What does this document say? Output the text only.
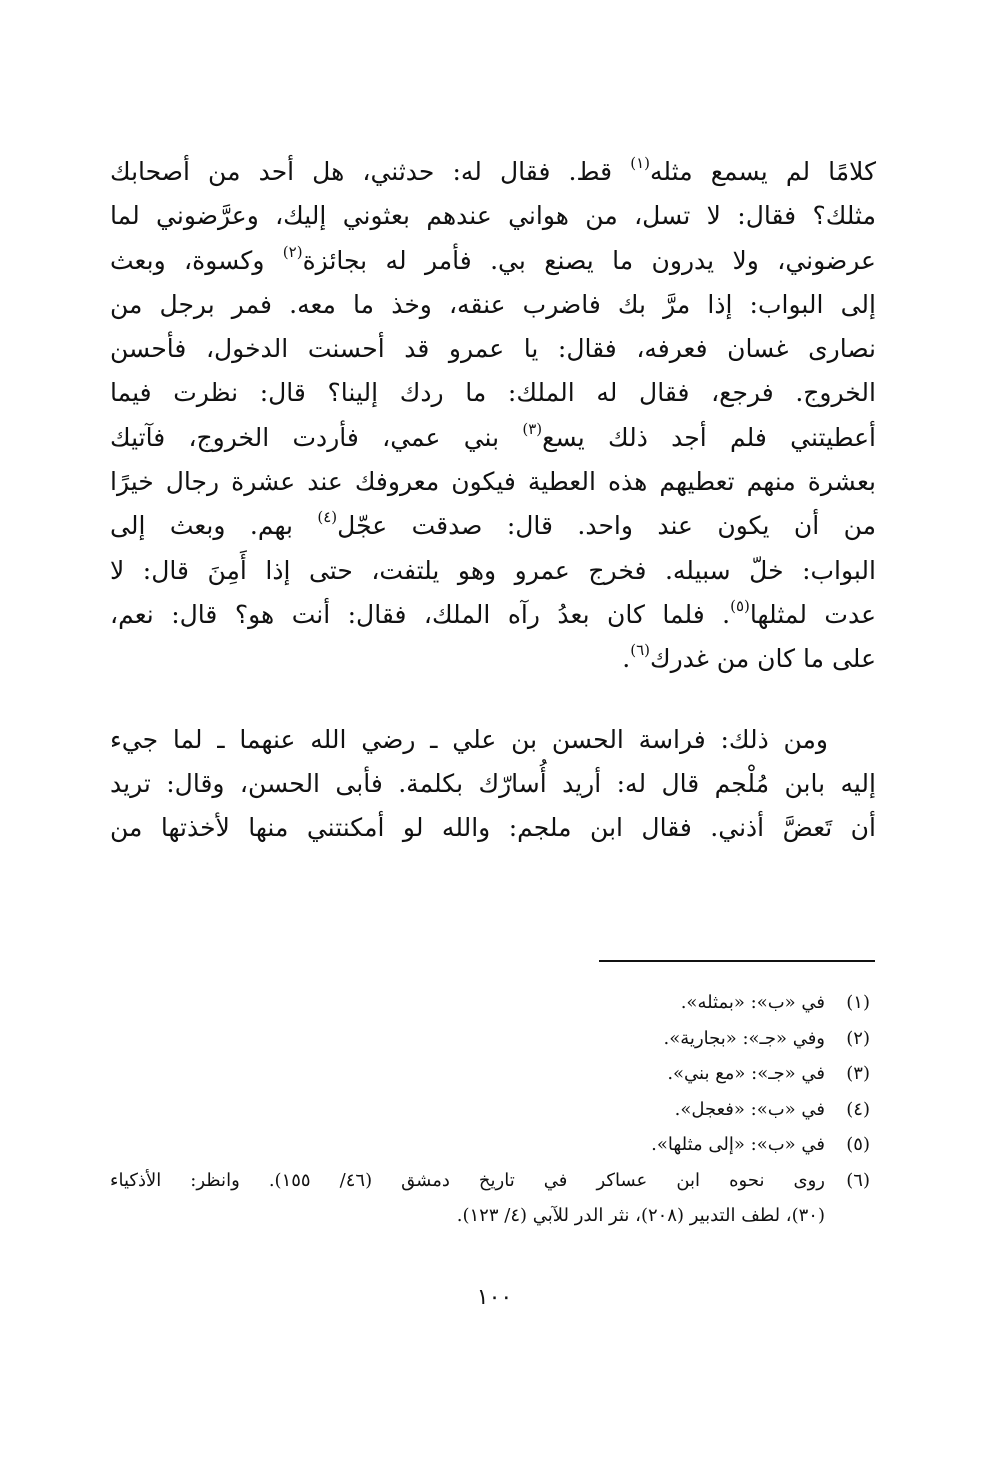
كلامًا لم يسمع مثله$^{(١)}$ قط. فقال له: حدثني، هل أحد من أصحابك
مثلك؟ فقال: لا تسل، من هواني عندهم بعثوني إليك، وعرَّضوني لما
عرضوني، ولا يدرون ما يصنع بي. فأمر له بجائزة$^{(٢)}$ وكسوة، وبعث
إلى البواب: إذا مرَّ بك فاضرب عنقه، وخذ ما معه. فمر برجل من
نصارى غسان فعرفه، فقال: يا عمرو قد أحسنت الدخول، فأحسن
الخروج. فرجع، فقال له الملك: ما ردك إلينا؟ قال: نظرت فيما
أعطيتني فلم أجد ذلك يسع$^{(٣)}$ بني عمي، فأردت الخروج، فآتيك
بعشرة منهم تعطيهم هذه العطية فيكون معروفك عند عشرة رجال خيرًا
من أن يكون عند واحد. قال: صدقت عجّل$^{(٤)}$ بهم. وبعث إلى
البواب: خلّ سبيله. فخرج عمرو وهو يلتفت، حتى إذا أَمِنَ قال: لا
عدت لمثلها$^{(٥)}$. فلما كان بعدُ رآه الملك، فقال: أنت هو؟ قال: نعم،
على ما كان من غدرك$^{(٦)}$.

ومن ذلك: فراسة الحسن بن علي ـ رضي الله عنهما ـ لما جيء
إليه بابن مُلْجم قال له: أريد أُسارّك بكلمة. فأبى الحسن، وقال: تريد
أن تَعضَّ أذني. فقال ابن ملجم: والله لو أمكنتني منها لأخذتها من

(١)
في «ب»: «بمثله».
(٢)
وفي «جـ»: «بجارية».
(٣)
في «جـ»: «مع بني».
(٤)
في «ب»: «فعجل».
(٥)
في «ب»: «إلى مثلها».
(٦)
روى نحوه ابن عساكر في تاريخ دمشق (٤٦/ ١٥٥). وانظر: الأذكياء
(٣٠)، لطف التدبير (٢٠٨)، نثر الدر للآبي (٤/ ١٢٣).
١٠٠
